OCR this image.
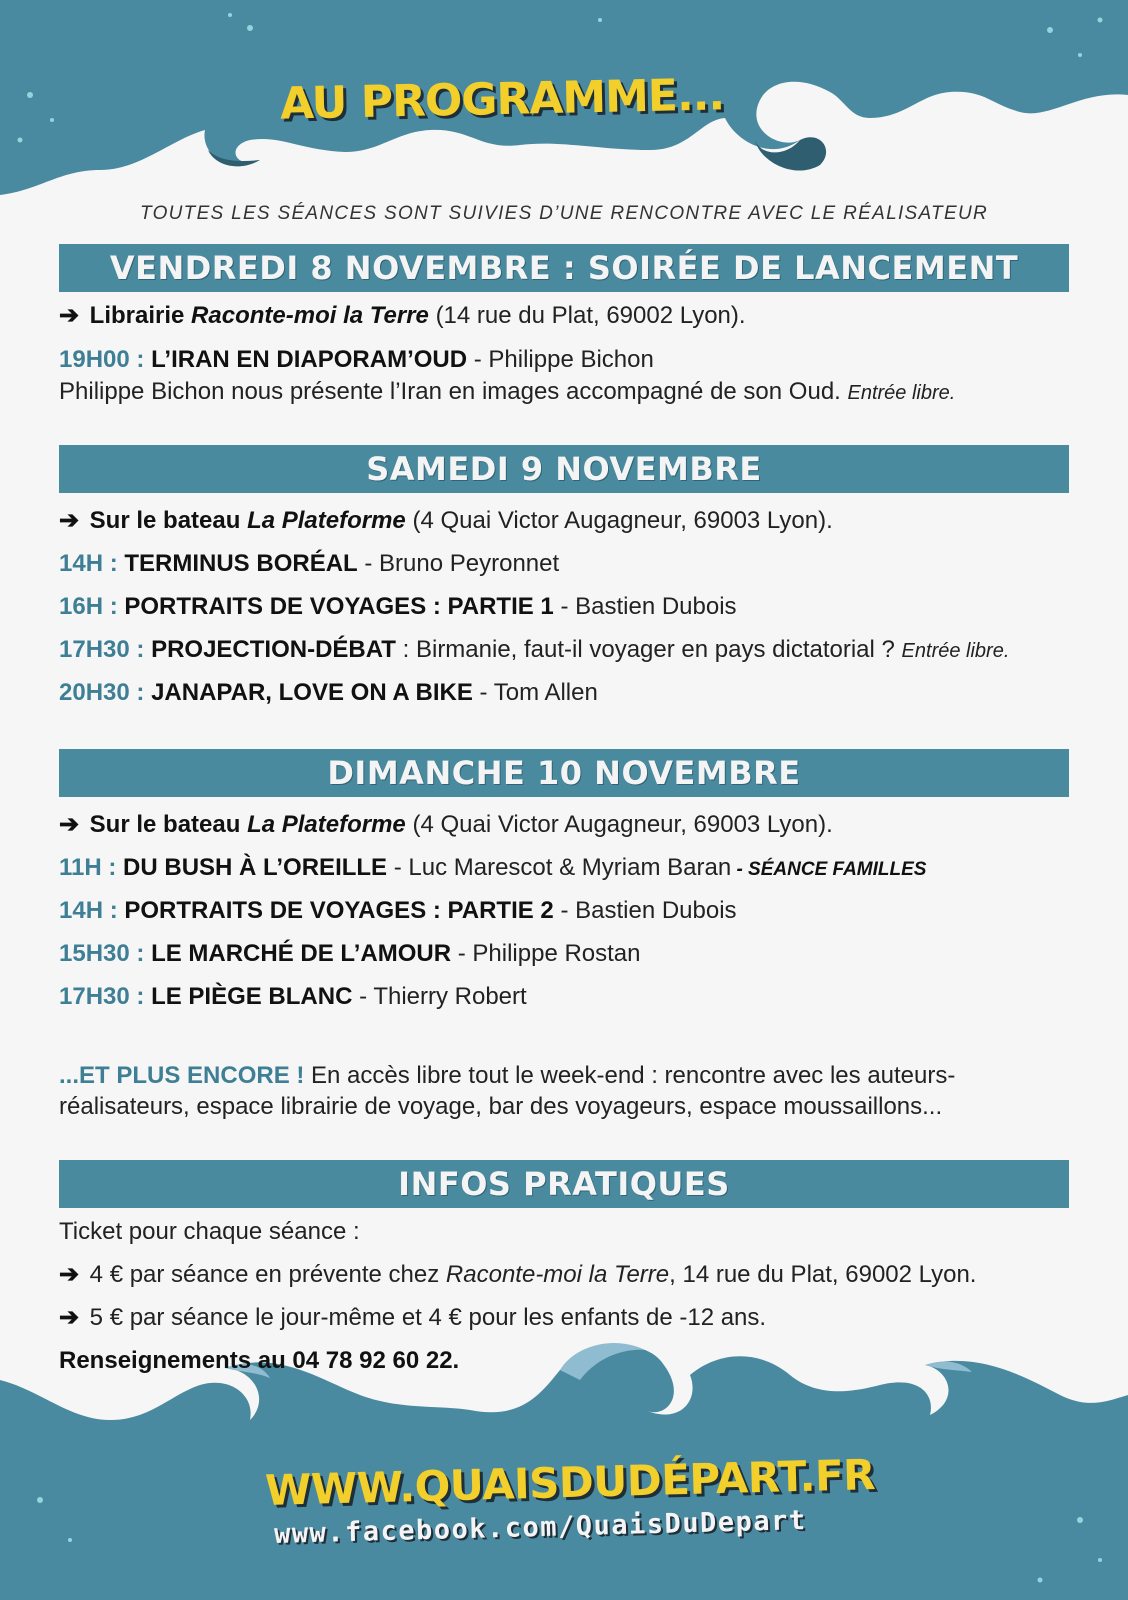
AU PROGRAMME...
TOUTES LES SÉANCES SONT SUIVIES D’UNE RENCONTRE AVEC LE RÉALISATEUR
VENDREDI 8 NOVEMBRE : SOIRÉE DE LANCEMENT
➔ Librairie Raconte-moi la Terre (14 rue du Plat, 69002 Lyon).
19H00 : L’IRAN EN DIAPORAM’OUD - Philippe Bichon
Philippe Bichon nous présente l’Iran en images accompagné de son Oud. Entrée libre.
SAMEDI 9 NOVEMBRE
➔ Sur le bateau La Plateforme (4 Quai Victor Augagneur, 69003 Lyon).
14H : TERMINUS BORÉAL - Bruno Peyronnet
16H : PORTRAITS DE VOYAGES : PARTIE 1 - Bastien Dubois
17H30 : PROJECTION-DÉBAT : Birmanie, faut-il voyager en pays dictatorial ? Entrée libre.
20H30 : JANAPAR, LOVE ON A BIKE - Tom Allen
DIMANCHE 10 NOVEMBRE
➔ Sur le bateau La Plateforme (4 Quai Victor Augagneur, 69003 Lyon).
11H : DU BUSH À L’OREILLE - Luc Marescot & Myriam Baran - SÉANCE FAMILLES
14H : PORTRAITS DE VOYAGES : PARTIE 2 - Bastien Dubois
15H30 : LE MARCHÉ DE L’AMOUR - Philippe Rostan
17H30 : LE PIÈGE BLANC - Thierry Robert
...ET PLUS ENCORE ! En accès libre tout le week-end : rencontre avec les auteurs-réalisateurs, espace librairie de voyage, bar des voyageurs, espace moussaillons...
INFOS PRATIQUES
Ticket pour chaque séance :
➔ 4 € par séance en prévente chez Raconte-moi la Terre, 14 rue du Plat, 69002 Lyon.
➔ 5 € par séance le jour-même et 4 € pour les enfants de -12 ans.
Renseignements au 04 78 92 60 22.
WWW.QUAISDUDÉPART.FR
www.facebook.com/QuaisDuDepart
